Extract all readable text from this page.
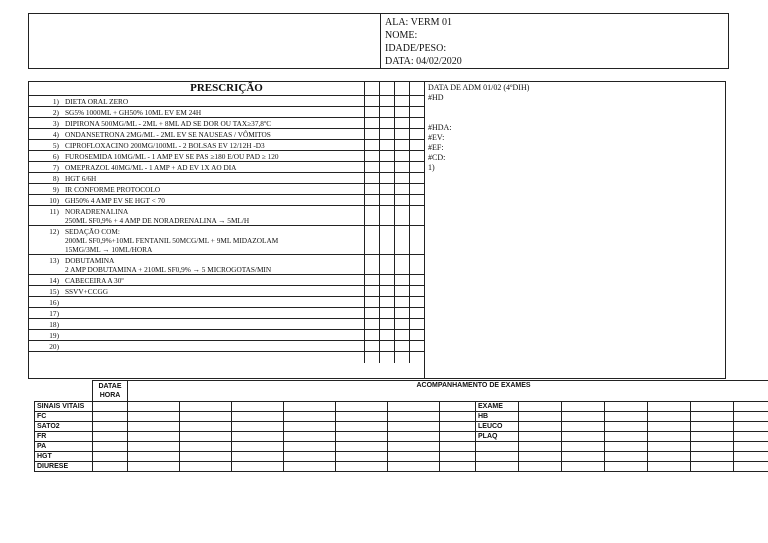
ALA: VERM 01
NOME:
IDADE/PESO:
DATA: 04/02/2020
PRESCRIÇÃO
1) DIETA ORAL ZERO
2) SG5% 1000ML + GH50% 10ML EV EM 24H
3) DIPIRONA 500MG/ML - 2ML + 8ML AD SE DOR OU TAX≥37,8ºC
4) ONDANSETRONA 2MG/ML - 2ML EV SE NAUSEAS / VÔMITOS
5) CIPROFLOXACINO 200MG/100ML - 2 BOLSAS EV 12/12H -D3
6) FUROSEMIDA 10MG/ML - 1 AMP EV SE PAS ≥180 E/OU PAD ≥ 120
7) OMEPRAZOL 40MG/ML - 1 AMP + AD EV 1X AO DIA
8) HGT 6/6H
9) IR CONFORME PROTOCOLO
10) GH50% 4 AMP EV SE HGT < 70
11) NORADRENALINA
250ML SF0,9% + 4 AMP DE NORADRENALINA → 5ML/H
12) SEDAÇÃO COM:
200ML SF0,9%+10ML FENTANIL 50MCG/ML + 9ML MIDAZOLAM
15MG/3ML → 10ML/HORA
13) DOBUTAMINA
2 AMP DOBUTAMINA + 210ML SF0,9% → 5 MICROGOTAS/MIN
14) CABECEIRA A 30º
15) SSVV+CCGG
16)
17)
18)
19)
20)
DATA DE ADM 01/02 (4ºDIH)
#HD
#HDA:
#EV:
#EF:
#CD:
1)
	DATAE HORA	ACOMPANHAMENTO DE EXAMES														
SINAIS VITAIS									EXAME							
FC									HB							
SATO2									LEUCO							
FR									PLAQ							
PA																
HGT																
DIURESE																
